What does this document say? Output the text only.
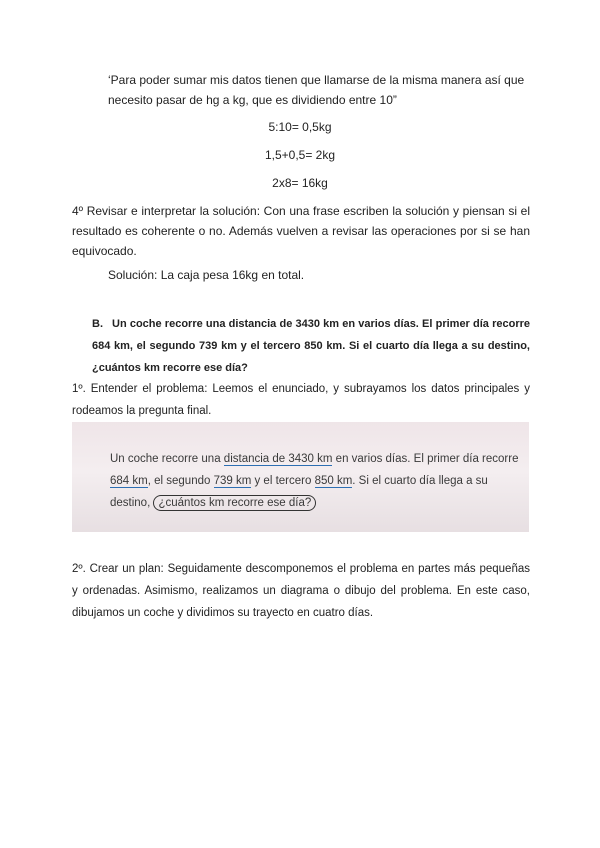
‘Para poder sumar mis datos tienen que llamarse de la misma manera así que necesito pasar de hg a kg, que es dividiendo entre 10”

5:10= 0,5kg

1,5+0,5= 2kg

2x8= 16kg

4º Revisar e interpretar la solución: Con una frase escriben la solución y piensan si el resultado es coherente o no. Además vuelven a revisar las operaciones por si se han equivocado.

Solución: La caja pesa 16kg en total.

B. Un coche recorre una distancia de 3430 km en varios días. El primer día recorre 684 km, el segundo 739 km y el tercero 850 km. Si el cuarto día llega a su destino, ¿cuántos km recorre ese día?

1º. Entender el problema: Leemos el enunciado, y subrayamos los datos principales y rodeamos la pregunta final.

Un coche recorre una distancia de 3430 km en varios días. El primer día recorre 684 km, el segundo 739 km y el tercero 850 km. Si el cuarto día llega a su destino, ¿cuántos km recorre ese día?

2º. Crear un plan: Seguidamente descomponemos el problema en partes más pequeñas y ordenadas. Asimismo, realizamos un diagrama o dibujo del problema. En este caso, dibujamos un coche y dividimos su trayecto en cuatro días.
